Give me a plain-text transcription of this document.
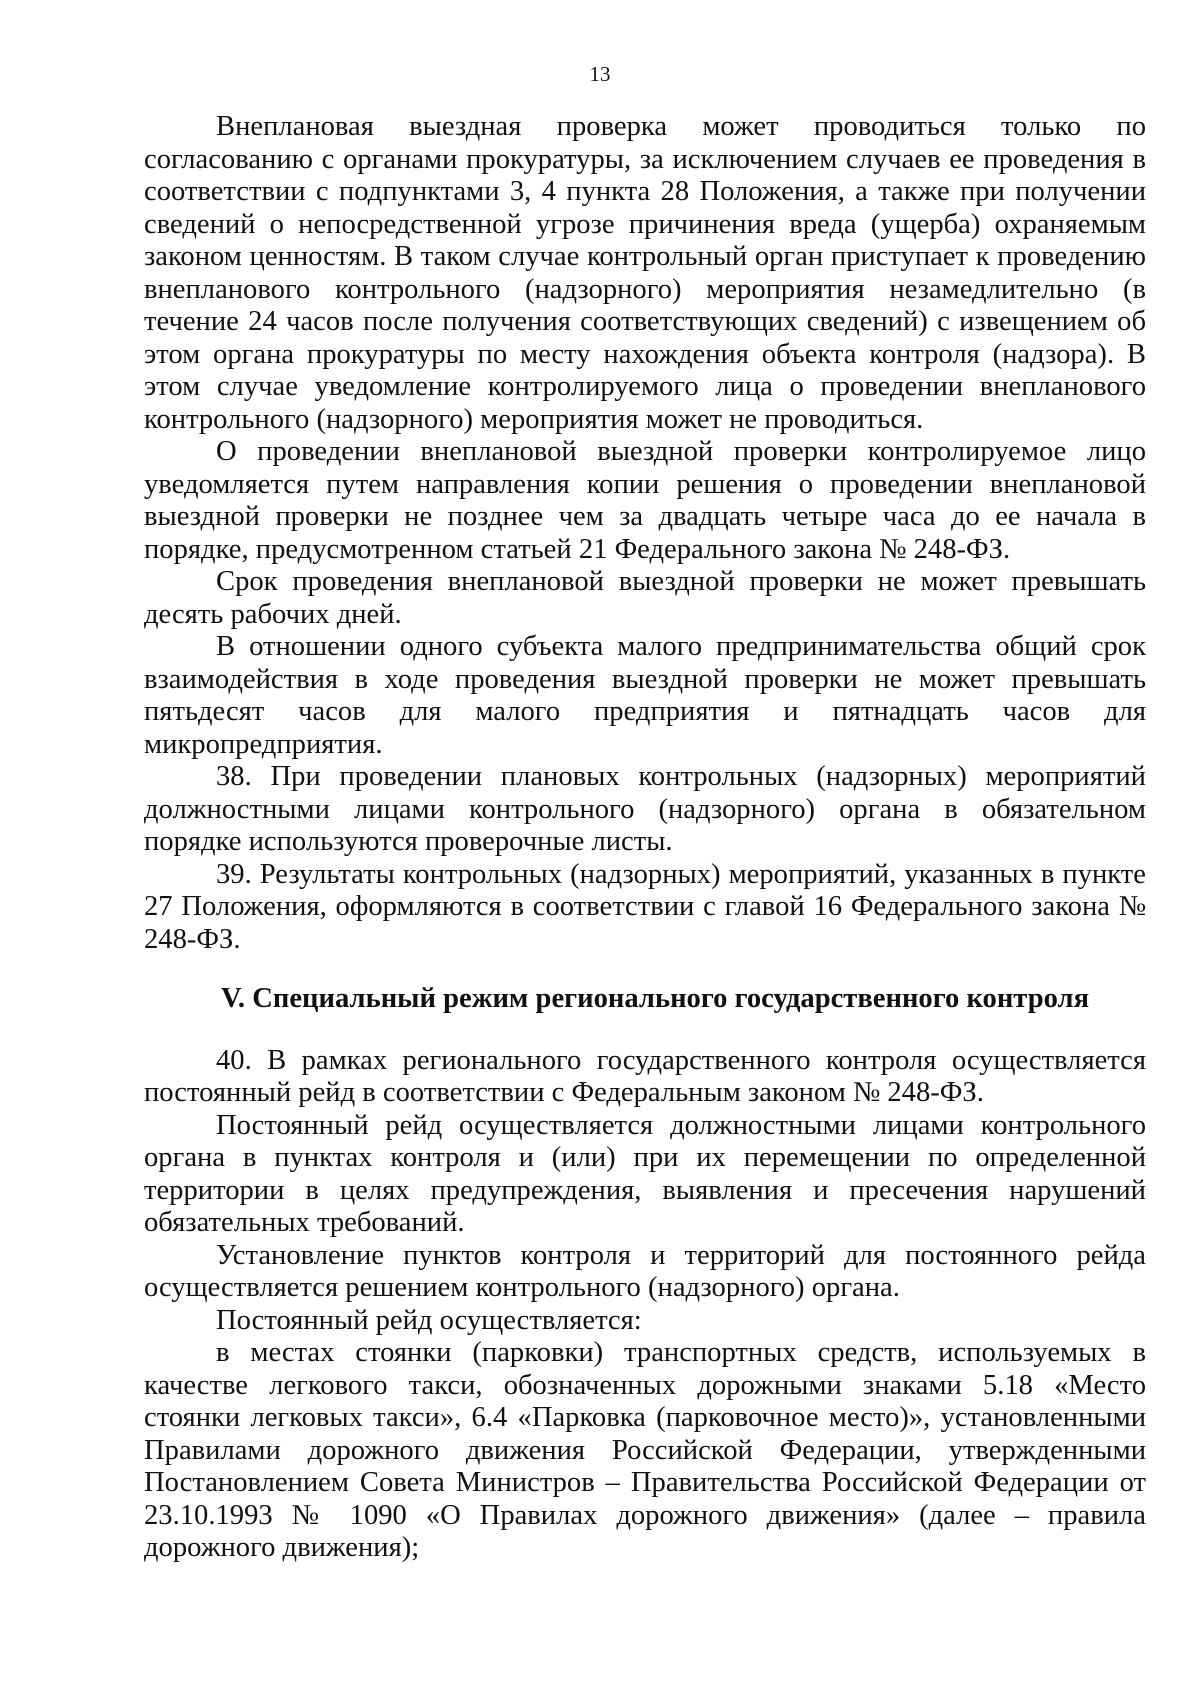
13

Внеплановая выездная проверка может проводиться только по согласованию с органами прокуратуры, за исключением случаев ее проведения в соответствии с подпунктами 3, 4 пункта 28 Положения, а также при получении сведений о непосредственной угрозе причинения вреда (ущерба) охраняемым законом ценностям. В таком случае контрольный орган приступает к проведению внепланового контрольного (надзорного) мероприятия незамедлительно (в течение 24 часов после получения соответствующих сведений) с извещением об этом органа прокуратуры по месту нахождения объекта контроля (надзора). В этом случае уведомление контролируемого лица о проведении внепланового контрольного (надзорного) мероприятия может не проводиться.

О проведении внеплановой выездной проверки контролируемое лицо уведомляется путем направления копии решения о проведении внеплановой выездной проверки не позднее чем за двадцать четыре часа до ее начала в порядке, предусмотренном статьей 21 Федерального закона № 248-ФЗ.

Срок проведения внеплановой выездной проверки не может превышать десять рабочих дней.

В отношении одного субъекта малого предпринимательства общий срок взаимодействия в ходе проведения выездной проверки не может превышать пятьдесят часов для малого предприятия и пятнадцать часов для микропредприятия.

38. При проведении плановых контрольных (надзорных) мероприятий должностными лицами контрольного (надзорного) органа в обязательном порядке используются проверочные листы.

39. Результаты контрольных (надзорных) мероприятий, указанных в пункте 27 Положения, оформляются в соответствии с главой 16 Федерального закона № 248-ФЗ.

V. Специальный режим регионального государственного контроля

40. В рамках регионального государственного контроля осуществляется постоянный рейд в соответствии с Федеральным законом № 248-ФЗ.

Постоянный рейд осуществляется должностными лицами контрольного органа в пунктах контроля и (или) при их перемещении по определенной территории в целях предупреждения, выявления и пресечения нарушений обязательных требований.

Установление пунктов контроля и территорий для постоянного рейда осуществляется решением контрольного (надзорного) органа.

Постоянный рейд осуществляется:

в местах стоянки (парковки) транспортных средств, используемых в качестве легкового такси, обозначенных дорожными знаками 5.18 «Место стоянки легковых такси», 6.4 «Парковка (парковочное место)», установленными Правилами дорожного движения Российской Федерации, утвержденными Постановлением Совета Министров – Правительства Российской Федерации от 23.10.1993 № 1090 «О Правилах дорожного движения» (далее – правила дорожного движения);
